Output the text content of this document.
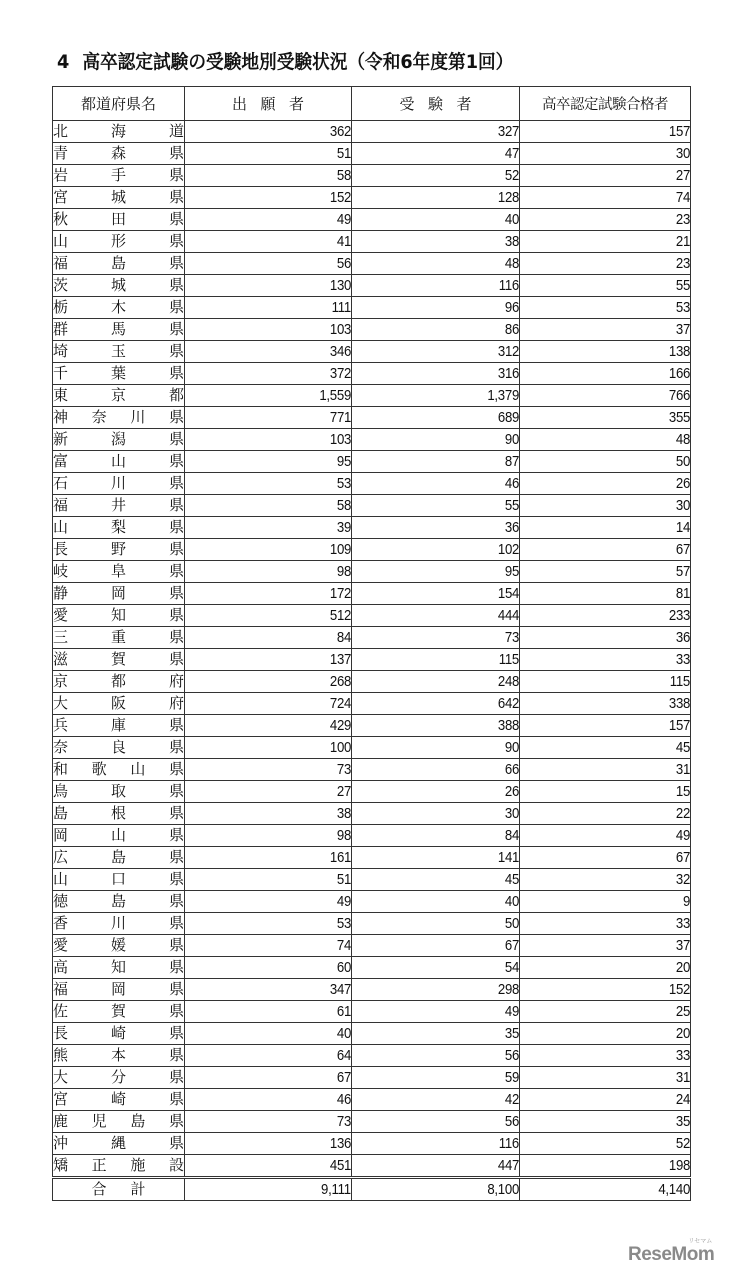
4 高卒認定試験の受験地別受験状況（令和6年度第1回）
都道府県名	出願者	受験者	高卒認定試験合格者

北 海 道	362	327	157

青 森 県	51	47	30

岩 手 県	58	52	27

宮 城 県	152	128	74

秋 田 県	49	40	23

山 形 県	41	38	21

福 島 県	56	48	23

茨 城 県	130	116	55

栃 木 県	111	96	53

群 馬 県	103	86	37

埼 玉 県	346	312	138

千 葉 県	372	316	166

東 京 都	1,559	1,379	766

神 奈 川 県	771	689	355

新 潟 県	103	90	48

富 山 県	95	87	50

石 川 県	53	46	26

福 井 県	58	55	30

山 梨 県	39	36	14

長 野 県	109	102	67

岐 阜 県	98	95	57

静 岡 県	172	154	81

愛 知 県	512	444	233

三 重 県	84	73	36

滋 賀 県	137	115	33

京 都 府	268	248	115

大 阪 府	724	642	338

兵 庫 県	429	388	157

奈 良 県	100	90	45

和 歌 山 県	73	66	31

鳥 取 県	27	26	15

島 根 県	38	30	22

岡 山 県	98	84	49

広 島 県	161	141	67

山 口 県	51	45	32

徳 島 県	49	40	9

香 川 県	53	50	33

愛 媛 県	74	67	37

高 知 県	60	54	20

福 岡 県	347	298	152

佐 賀 県	61	49	25

長 崎 県	40	35	20

熊 本 県	64	56	33

大 分 県	67	59	31

宮 崎 県	46	42	24

鹿 児 島 県	73	56	35

沖 縄 県	136	116	52

矯 正 施 設	451	447	198
合 計	9,111	8,100	4,140
ReseMom
リセマム
